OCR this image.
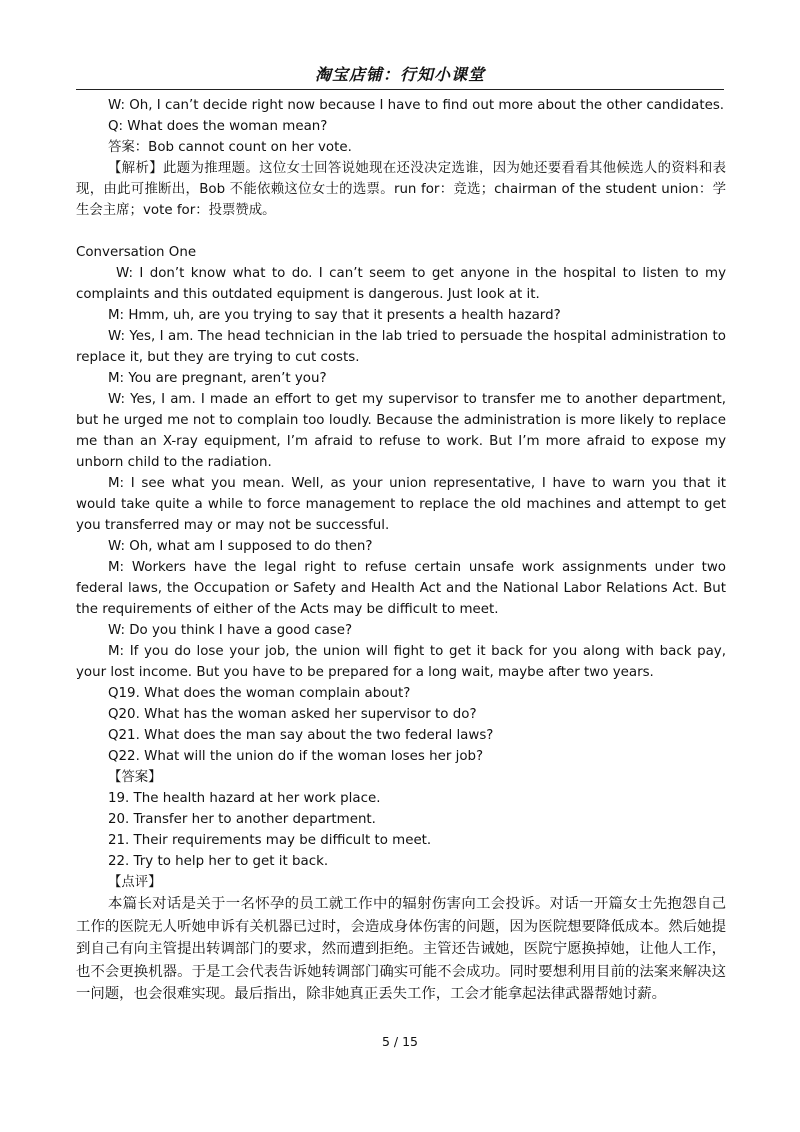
淘宝店铺：行知小课堂

W: Oh, I can’t decide right now because I have to find out more about the other candidates.

Q: What does the woman mean?

答案：Bob cannot count on her vote.

【解析】此题为推理题。这位女士回答说她现在还没决定选谁，因为她还要看看其他候选人的资料和表现，由此可推断出，Bob 不能依赖这位女士的选票。run for：竞选；chairman of the student union：学生会主席；vote for：投票赞成。

Conversation One

W: I don’t know what to do. I can’t seem to get anyone in the hospital to listen to my complaints and this outdated equipment is dangerous. Just look at it.

M: Hmm, uh, are you trying to say that it presents a health hazard?

W: Yes, I am. The head technician in the lab tried to persuade the hospital administration to replace it, but they are trying to cut costs.

M: You are pregnant, aren’t you?

W: Yes, I am. I made an effort to get my supervisor to transfer me to another department, but he urged me not to complain too loudly. Because the administration is more likely to replace me than an X-ray equipment, I’m afraid to refuse to work. But I’m more afraid to expose my unborn child to the radiation.

M: I see what you mean. Well, as your union representative, I have to warn you that it would take quite a while to force management to replace the old machines and attempt to get you transferred may or may not be successful.

W: Oh, what am I supposed to do then?

M: Workers have the legal right to refuse certain unsafe work assignments under two federal laws, the Occupation or Safety and Health Act and the National Labor Relations Act. But the requirements of either of the Acts may be difficult to meet.

W: Do you think I have a good case?

M: If you do lose your job, the union will fight to get it back for you along with back pay, your lost income. But you have to be prepared for a long wait, maybe after two years.

Q19. What does the woman complain about?

Q20. What has the woman asked her supervisor to do?

Q21. What does the man say about the two federal laws?

Q22. What will the union do if the woman loses her job?

【答案】

19. The health hazard at her work place.

20. Transfer her to another department.

21. Their requirements may be difficult to meet.

22. Try to help her to get it back.

【点评】

本篇长对话是关于一名怀孕的员工就工作中的辐射伤害向工会投诉。对话一开篇女士先抱怨自己工作的医院无人听她申诉有关机器已过时，会造成身体伤害的问题，因为医院想要降低成本。然后她提到自己有向主管提出转调部门的要求，然而遭到拒绝。主管还告诫她，医院宁愿换掉她，让他人工作，也不会更换机器。于是工会代表告诉她转调部门确实可能不会成功。同时要想利用目前的法案来解决这一问题，也会很难实现。最后指出，除非她真正丢失工作，工会才能拿起法律武器帮她讨薪。

5 / 15
